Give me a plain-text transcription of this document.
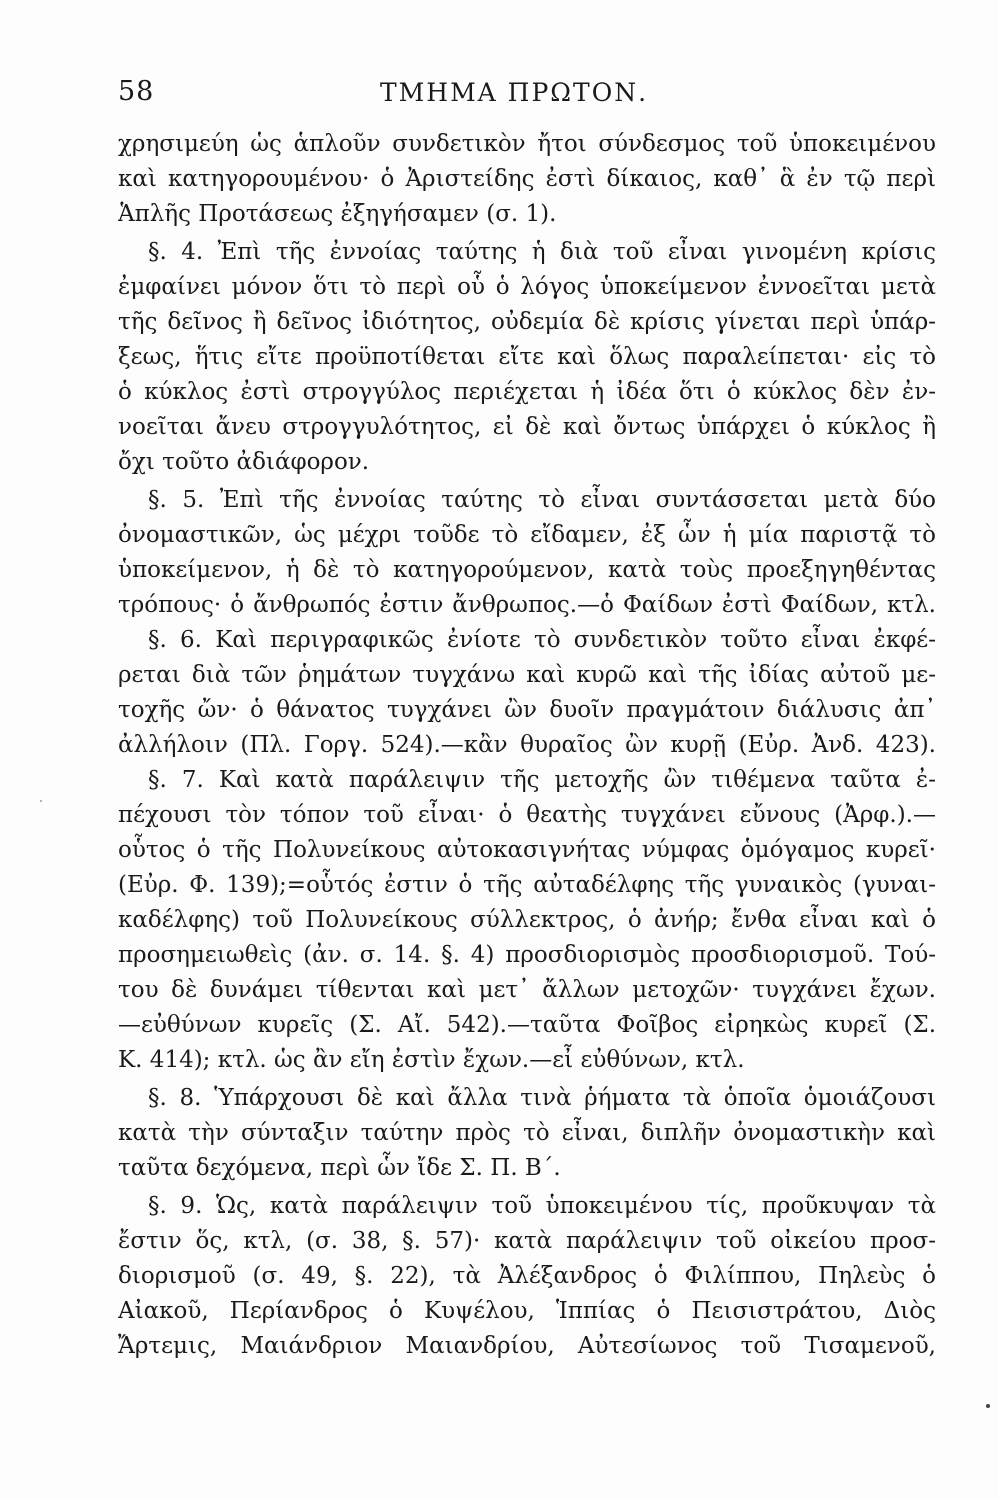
58	ΤΜΗΜΑ ΠΡΩΤΟΝ.
χρησιμεύη ὡς ἁπλοῦν συνδετικὸν ἤτοι σύνδεσμος τοῦ ὑποκειμένου
καὶ κατηγορουμένου· ὁ Ἀριστείδης ἐστὶ δίκαιος, καθ᾽ ἃ ἐν τῷ περὶ
Ἁπλῆς Προτάσεως ἐξηγήσαμεν (σ. 1).
§. 4. Ἐπὶ τῆς ἐννοίας ταύτης ἡ διὰ τοῦ εἶναι γινομένη κρίσις
ἐμφαίνει μόνον ὅτι τὸ περὶ οὗ ὁ λόγος ὑποκείμενον ἐννοεῖται μετὰ
τῆς δεῖνος ἢ δεῖνος ἰδιότητος, οὐδεμία δὲ κρίσις γίνεται περὶ ὑπάρ-
ξεως, ἥτις εἴτε προϋποτίθεται εἴτε καὶ ὅλως παραλείπεται· εἰς τὸ
ὁ κύκλος ἐστὶ στρογγύλος περιέχεται ἡ ἰδέα ὅτι ὁ κύκλος δὲν ἐν-
νοεῖται ἄνευ στρογγυλότητος, εἰ δὲ καὶ ὄντως ὑπάρχει ὁ κύκλος ἢ
ὄχι τοῦτο ἀδιάφορον.
§. 5. Ἐπὶ τῆς ἐννοίας ταύτης τὸ εἶναι συντάσσεται μετὰ δύο
ὀνομαστικῶν, ὡς μέχρι τοῦδε τὸ εἴδαμεν, ἐξ ὧν ἡ μία παριστᾷ τὸ
ὑποκείμενον, ἡ δὲ τὸ κατηγορούμενον, κατὰ τοὺς προεξηγηθέντας
τρόπους· ὁ ἄνθρωπός ἐστιν ἄνθρωπος.—ὁ Φαίδων ἐστὶ Φαίδων, κτλ.
§. 6. Καὶ περιγραφικῶς ἐνίοτε τὸ συνδετικὸν τοῦτο εἶναι ἐκφέ-
ρεται διὰ τῶν ῥημάτων τυγχάνω καὶ κυρῶ καὶ τῆς ἰδίας αὐτοῦ με-
τοχῆς ὤν· ὁ θάνατος τυγχάνει ὢν δυοῖν πραγμάτοιν διάλυσις ἀπ᾽
ἀλλήλοιν (Πλ. Γοργ. 524).—κἂν θυραῖος ὢν κυρῇ (Εὐρ. Ἀνδ. 423).
§. 7. Καὶ κατὰ παράλειψιν τῆς μετοχῆς ὢν τιθέμενα ταῦτα ἐ-
πέχουσι τὸν τόπον τοῦ εἶναι· ὁ θεατὴς τυγχάνει εὔνους (Ἀρφ.).—
οὗτος ὁ τῆς Πολυνείκους αὐτοκασιγνήτας νύμφας ὁμόγαμος κυρεῖ·
(Εὐρ. Φ. 139);=οὗτός ἐστιν ὁ τῆς αὐταδέλφης τῆς γυναικὸς (γυναι-
καδέλφης) τοῦ Πολυνείκους σύλλεκτρος, ὁ ἀνήρ; ἔνθα εἶναι καὶ ὁ
προσημειωθεὶς (ἀν. σ. 14. §. 4) προσδιορισμὸς προσδιορισμοῦ. Τού-
του δὲ δυνάμει τίθενται καὶ μετ᾽ ἄλλων μετοχῶν· τυγχάνει ἔχων.
—εὐθύνων κυρεῖς (Σ. Αἴ. 542).—ταῦτα Φοῖβος εἰρηκὼς κυρεῖ (Σ.
Κ. 414); κτλ. ὡς ἂν εἴη ἐστὶν ἔχων.—εἶ εὐθύνων, κτλ.
§. 8. Ὑπάρχουσι δὲ καὶ ἄλλα τινὰ ῥήματα τὰ ὁποῖα ὁμοιάζουσι
κατὰ τὴν σύνταξιν ταύτην πρὸς τὸ εἶναι, διπλῆν ὀνομαστικὴν καὶ
ταῦτα δεχόμενα, περὶ ὧν ἴδε Σ. Π. Β΄.
§. 9. Ὡς, κατὰ παράλειψιν τοῦ ὑποκειμένου τίς, προῦκυψαν τὰ
ἔστιν ὅς, κτλ, (σ. 38, §. 57)· κατὰ παράλειψιν τοῦ οἰκείου προσ-
διορισμοῦ (σ. 49, §. 22), τὰ Ἀλέξανδρος ὁ Φιλίππου, Πηλεὺς ὁ
Αἰακοῦ, Περίανδρος ὁ Κυψέλου, Ἱππίας ὁ Πεισιστράτου, Διὸς
Ἄρτεμις, Μαιάνδριον Μαιανδρίου, Αὐτεσίωνος τοῦ Τισαμενοῦ,
